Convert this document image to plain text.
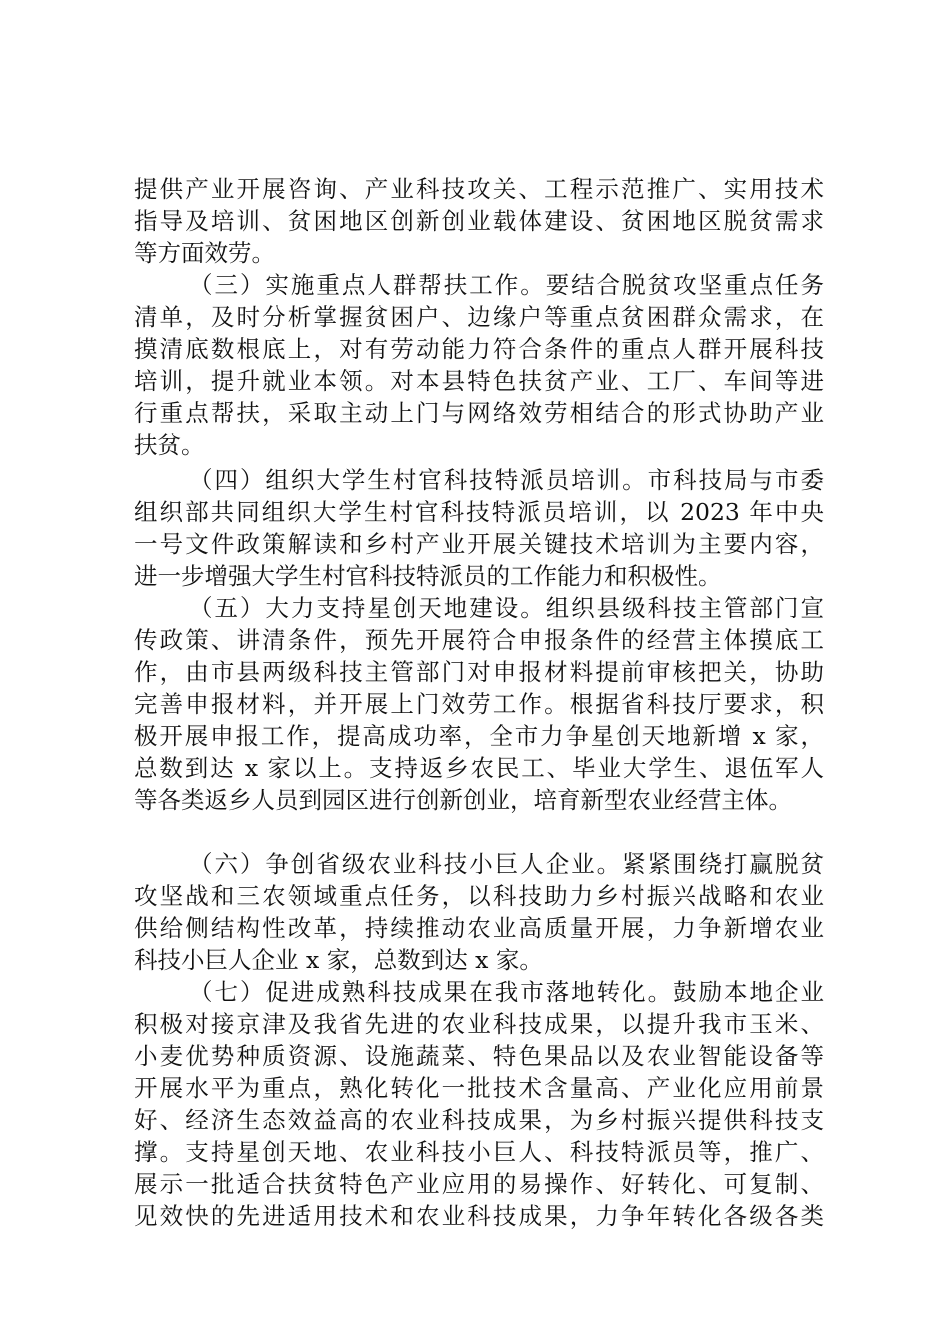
提供产业开展咨询、产业科技攻关、工程示范推广、实用技术
指导及培训、贫困地区创新创业载体建设、贫困地区脱贫需求
等方面效劳。
（三）实施重点人群帮扶工作。要结合脱贫攻坚重点任务
清单，及时分析掌握贫困户、边缘户等重点贫困群众需求，在
摸清底数根底上，对有劳动能力符合条件的重点人群开展科技
培训，提升就业本领。对本县特色扶贫产业、工厂、车间等进
行重点帮扶，采取主动上门与网络效劳相结合的形式协助产业
扶贫。
（四）组织大学生村官科技特派员培训。市科技局与市委
组织部共同组织大学生村官科技特派员培训，以 2023 年中央
一号文件政策解读和乡村产业开展关键技术培训为主要内容，
进一步增强大学生村官科技特派员的工作能力和积极性。
（五）大力支持星创天地建设。组织县级科技主管部门宣
传政策、讲清条件，预先开展符合申报条件的经营主体摸底工
作，由市县两级科技主管部门对申报材料提前审核把关，协助
完善申报材料，并开展上门效劳工作。根据省科技厅要求，积
极开展申报工作，提高成功率，全市力争星创天地新增 x 家，
总数到达 x 家以上。支持返乡农民工、毕业大学生、退伍军人
等各类返乡人员到园区进行创新创业，培育新型农业经营主体。
（六）争创省级农业科技小巨人企业。紧紧围绕打赢脱贫
攻坚战和三农领域重点任务，以科技助力乡村振兴战略和农业
供给侧结构性改革，持续推动农业高质量开展，力争新增农业
科技小巨人企业 x 家，总数到达 x 家。
（七）促进成熟科技成果在我市落地转化。鼓励本地企业
积极对接京津及我省先进的农业科技成果，以提升我市玉米、
小麦优势种质资源、设施蔬菜、特色果品以及农业智能设备等
开展水平为重点，熟化转化一批技术含量高、产业化应用前景
好、经济生态效益高的农业科技成果，为乡村振兴提供科技支
撑。支持星创天地、农业科技小巨人、科技特派员等，推广、
展示一批适合扶贫特色产业应用的易操作、好转化、可复制、
见效快的先进适用技术和农业科技成果，力争年转化各级各类
